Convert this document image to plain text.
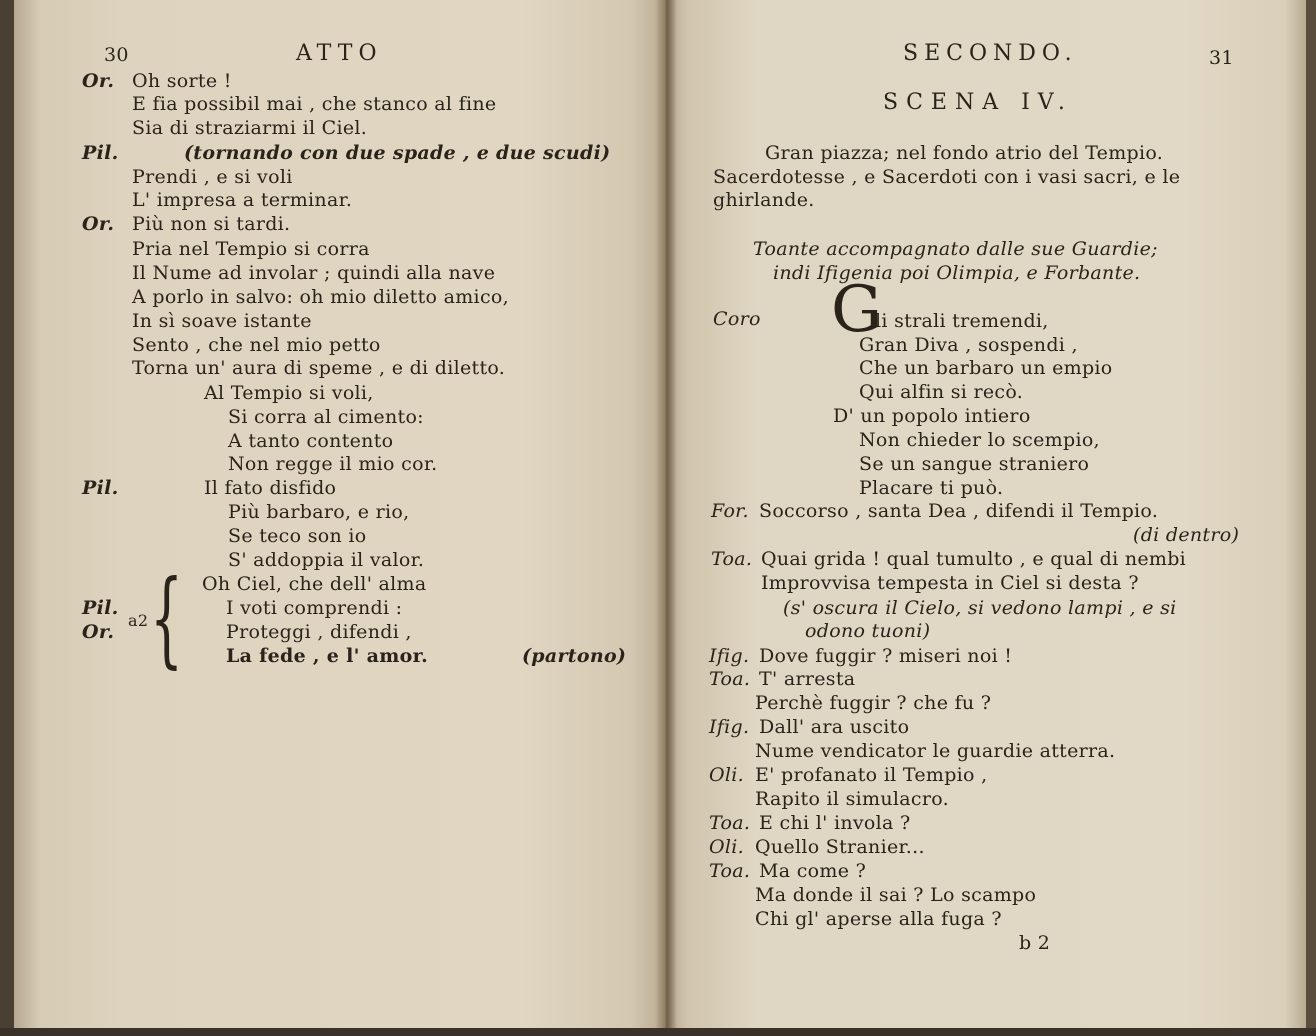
30	ATTO
Or. Oh sorte !
E fia possibil mai , che stanco al fine
Sia di straziarmi il Ciel.
Pil.	(tornando con due spade , e due scudi)
Prendi , e si voli
L' impresa a terminar.
Or. Più non si tardi.
Pria nel Tempio si corra
Il Nume ad involar ; quindi alla nave
A porlo in salvo: oh mio diletto amico,
In sì soave istante
Sento , che nel mio petto
Torna un' aura di speme , e di diletto.
Al Tempio si voli,
Si corra al cimento:
A tanto contento
Non regge il mio cor.
Pil.	Il fato disfido
Più barbaro, e rio,
Se teco son io
S' addoppia il valor.
{ Oh Ciel, che dell' alma
Pil.
a2
I voti comprendi :
Or.	Proteggi , difendi ,
La fede , e l' amor.	(partono)
SECONDO.	31
SCENA IV.
Gran piazza; nel fondo atrio del Tempio.
Sacerdotesse , e Sacerdoti con i vasi sacri, e le
ghirlande.
Toante accompagnato dalle sue Guardie;
indi Ifigenia poi Olimpia, e Forbante.
Coro G
li strali tremendi,
Gran Diva , sospendi ,
Che un barbaro un empio
Qui alfin si recò.
D' un popolo intiero
Non chieder lo scempio,
Se un sangue straniero
Placare ti può.
For. Soccorso , santa Dea , difendi il Tempio.
(di dentro)
Toa. Quai grida ! qual tumulto , e qual di nembi
Improvvisa tempesta in Ciel si desta ?
(s' oscura il Cielo, si vedono lampi , e si
odono tuoni)
Ifig. Dove fuggir ? miseri noi !
Toa. T' arresta
Perchè fuggir ? che fu ?
Ifig. Dall' ara uscito
Nume vendicator le guardie atterra.
Oli. E' profanato il Tempio ,
Rapito il simulacro.
Toa. E chi l' invola ?
Oli. Quello Stranier...
Toa. Ma come ?
Ma donde il sai ? Lo scampo
Chi gl' aperse alla fuga ?
b 2
